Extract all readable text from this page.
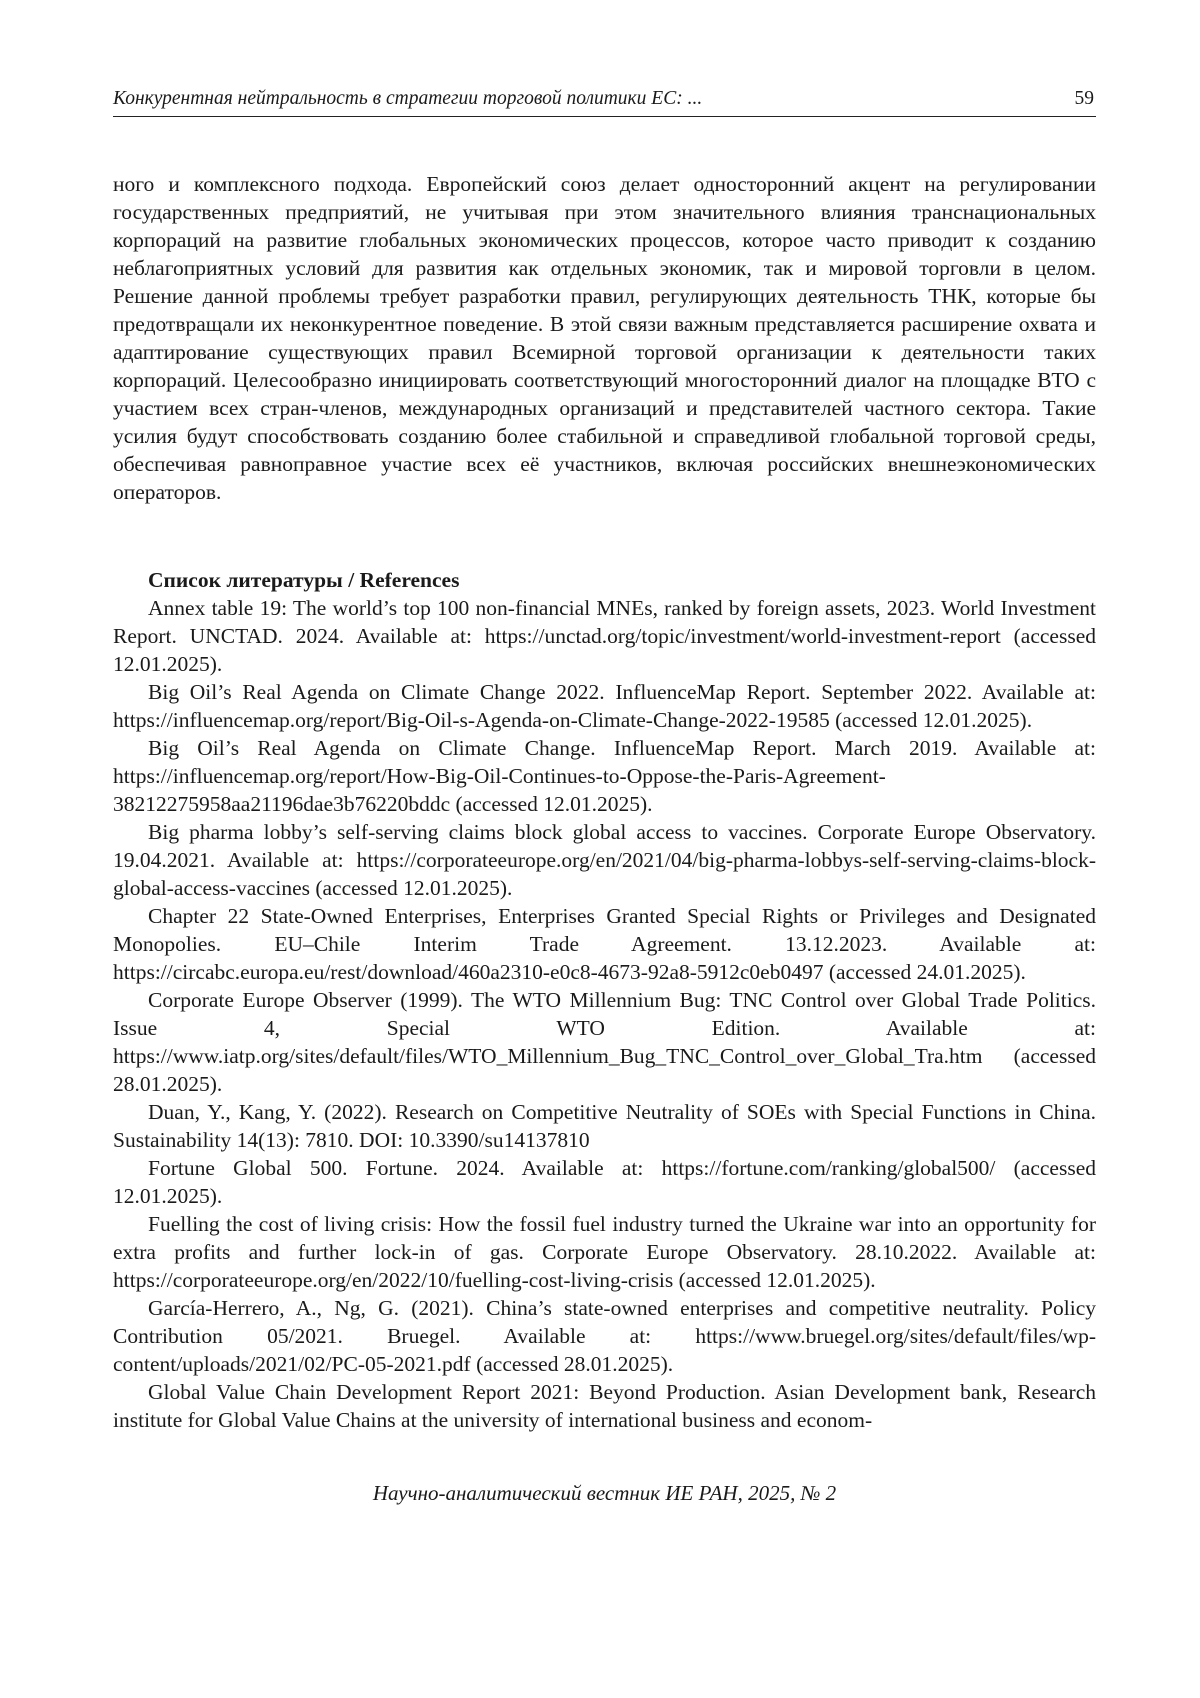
Конкурентная нейтральность в стратегии торговой политики ЕС: ...	59

ного и комплексного подхода. Европейский союз делает односторонний акцент на регулировании государственных предприятий, не учитывая при этом значительного влияния транснациональных корпораций на развитие глобальных экономических процессов, которое часто приводит к созданию неблагоприятных условий для развития как отдельных экономик, так и мировой торговли в целом. Решение данной проблемы требует разработки правил, регулирующих деятельность ТНК, которые бы предотвращали их неконкурентное поведение. В этой связи важным представляется расширение охвата и адаптирование существующих правил Всемирной торговой организации к деятельности таких корпораций. Целесообразно инициировать соответствующий многосторонний диалог на площадке ВТО с участием всех стран-членов, международных организаций и представителей частного сектора. Такие усилия будут способствовать созданию более стабильной и справедливой глобальной торговой среды, обеспечивая равноправное участие всех её участников, включая российских внешнеэкономических операторов.

Список литературы / References
Annex table 19: The world’s top 100 non-financial MNEs, ranked by foreign assets, 2023. World Investment Report. UNCTAD. 2024. Available at: https://unctad.org/topic/investment/world-investment-report (accessed 12.01.2025).
Big Oil’s Real Agenda on Climate Change 2022. InfluenceMap Report. September 2022. Available at: https://influencemap.org/report/Big-Oil-s-Agenda-on-Climate-Change-2022-19585 (accessed 12.01.2025).
Big Oil’s Real Agenda on Climate Change. InfluenceMap Report. March 2019. Available at: https://influencemap.org/report/How-Big-Oil-Continues-to-Oppose-the-Paris-Agreement-38212275958aa21196dae3b76220bddc (accessed 12.01.2025).
Big pharma lobby’s self-serving claims block global access to vaccines. Corporate Europe Observatory. 19.04.2021. Available at: https://corporateeurope.org/en/2021/04/big-pharma-lobbys-self-serving-claims-block-global-access-vaccines (accessed 12.01.2025).
Chapter 22 State-Owned Enterprises, Enterprises Granted Special Rights or Privileges and Designated Monopolies. EU–Chile Interim Trade Agreement. 13.12.2023. Available at: https://circabc.europa.eu/rest/download/460a2310-e0c8-4673-92a8-5912c0eb0497 (accessed 24.01.2025).
Corporate Europe Observer (1999). The WTO Millennium Bug: TNC Control over Global Trade Politics. Issue 4, Special WTO Edition. Available at: https://www.iatp.org/sites/default/files/WTO_Millennium_Bug_TNC_Control_over_Global_Tra.htm (accessed 28.01.2025).
Duan, Y., Kang, Y. (2022). Research on Competitive Neutrality of SOEs with Special Functions in China. Sustainability 14(13): 7810. DOI: 10.3390/su14137810
Fortune Global 500. Fortune. 2024. Available at: https://fortune.com/ranking/global500/ (accessed 12.01.2025).
Fuelling the cost of living crisis: How the fossil fuel industry turned the Ukraine war into an opportunity for extra profits and further lock-in of gas. Corporate Europe Observatory. 28.10.2022. Available at: https://corporateeurope.org/en/2022/10/fuelling-cost-living-crisis (accessed 12.01.2025).
García-Herrero, A., Ng, G. (2021). China’s state-owned enterprises and competitive neutrality. Policy Contribution 05/2021. Bruegel. Available at: https://www.bruegel.org/sites/default/files/wp-content/uploads/2021/02/PC-05-2021.pdf (accessed 28.01.2025).
Global Value Chain Development Report 2021: Beyond Production. Asian Development bank, Research institute for Global Value Chains at the university of international business and econom-
Научно-аналитический вестник ИЕ РАН, 2025, № 2
